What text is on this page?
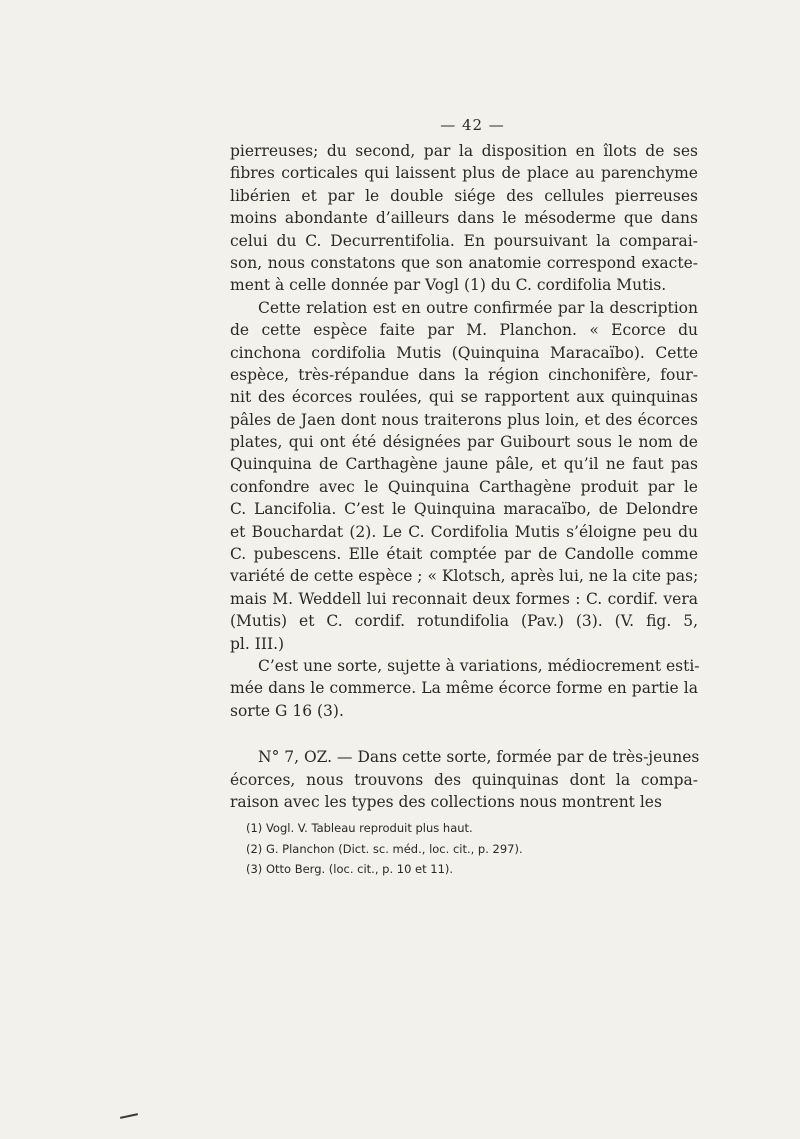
— 42 —

pierreuses; du second, par la disposition en îlots de ses
fibres corticales qui laissent plus de place au parenchyme
libérien et par le double siége des cellules pierreuses
moins abondante d’ailleurs dans le mésoderme que dans
celui du C. Decurrentifolia. En poursuivant la comparai-
son, nous constatons que son anatomie correspond exacte-
ment à celle donnée par Vogl (1) du C. cordifolia Mutis.

Cette relation est en outre confirmée par la description
de cette espèce faite par M. Planchon. « Ecorce du
cinchona cordifolia Mutis (Quinquina Maracaïbo). Cette
espèce, très-répandue dans la région cinchonifère, four-
nit des écorces roulées, qui se rapportent aux quinquinas
pâles de Jaen dont nous traiterons plus loin, et des écorces
plates, qui ont été désignées par Guibourt sous le nom de
Quinquina de Carthagène jaune pâle, et qu’il ne faut pas
confondre avec le Quinquina Carthagène produit par le
C. Lancifolia. C’est le Quinquina maracaïbo, de Delondre
et Bouchardat (2). Le C. Cordifolia Mutis s’éloigne peu du
C. pubescens. Elle était comptée par de Candolle comme
variété de cette espèce ; « Klotsch, après lui, ne la cite pas;
mais M. Weddell lui reconnait deux formes : C. cordif. vera
(Mutis) et C. cordif. rotundifolia (Pav.) (3). (V. fig. 5,
pl. III.)

C’est une sorte, sujette à variations, médiocrement esti-
mée dans le commerce. La même écorce forme en partie la
sorte G 16 (3).

N° 7, OZ. — Dans cette sorte, formée par de très-jeunes
écorces, nous trouvons des quinquinas dont la compa-
raison avec les types des collections nous montrent les

(1) Vogl. V. Tableau reproduit plus haut.
(2) G. Planchon (Dict. sc. méd., loc. cit., p. 297).
(3) Otto Berg. (loc. cit., p. 10 et 11).
